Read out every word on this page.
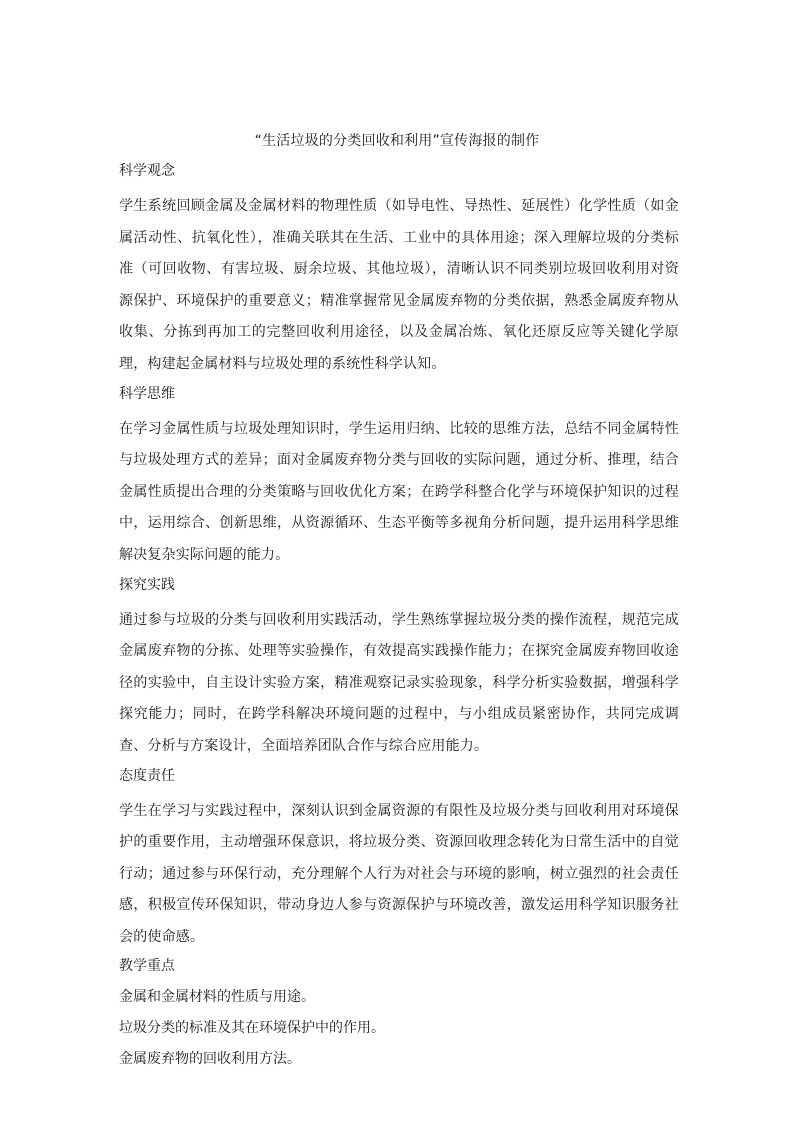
“生活垃圾的分类回收和利用”宣传海报的制作
科学观念

学生系统回顾金属及金属材料的物理性质（如导电性、导热性、延展性）化学性质（如金属活动性、抗氧化性），准确关联其在生活、工业中的具体用途；深入理解垃圾的分类标准（可回收物、有害垃圾、厨余垃圾、其他垃圾），清晰认识不同类别垃圾回收利用对资源保护、环境保护的重要意义；精准掌握常见金属废弃物的分类依据，熟悉金属废弃物从收集、分拣到再加工的完整回收利用途径，以及金属冶炼、氧化还原反应等关键化学原理，构建起金属材料与垃圾处理的系统性科学认知。

科学思维

在学习金属性质与垃圾处理知识时，学生运用归纳、比较的思维方法，总结不同金属特性与垃圾处理方式的差异；面对金属废弃物分类与回收的实际问题，通过分析、推理，结合金属性质提出合理的分类策略与回收优化方案；在跨学科整合化学与环境保护知识的过程中，运用综合、创新思维，从资源循环、生态平衡等多视角分析问题，提升运用科学思维解决复杂实际问题的能力。

探究实践

通过参与垃圾的分类与回收利用实践活动，学生熟练掌握垃圾分类的操作流程，规范完成金属废弃物的分拣、处理等实验操作，有效提高实践操作能力；在探究金属废弃物回收途径的实验中，自主设计实验方案，精准观察记录实验现象，科学分析实验数据，增强科学探究能力；同时，在跨学科解决环境问题的过程中，与小组成员紧密协作，共同完成调查、分析与方案设计，全面培养团队合作与综合应用能力。

态度责任

学生在学习与实践过程中，深刻认识到金属资源的有限性及垃圾分类与回收利用对环境保护的重要作用，主动增强环保意识，将垃圾分类、资源回收理念转化为日常生活中的自觉行动；通过参与环保行动，充分理解个人行为对社会与环境的影响，树立强烈的社会责任感，积极宣传环保知识，带动身边人参与资源保护与环境改善，激发运用科学知识服务社会的使命感。

教学重点
金属和金属材料的性质与用途。
垃圾分类的标准及其在环境保护中的作用。
金属废弃物的回收利用方法。
